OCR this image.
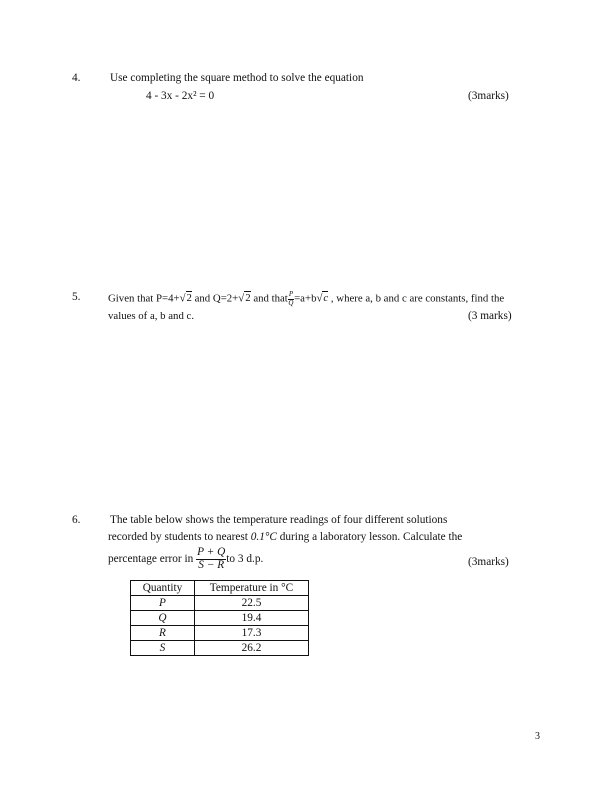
4.	Use completing the square method to solve the equation
4 - 3x - 2x² = 0	(3marks)
5.	Given that P=4+√2 and Q=2+√2 and that $\frac{P}{Q} =a+b√c$ , where a, b and c are constants, find the
values of a, b and c.	(3 marks)
6.	The table below shows the temperature readings of four different solutions
recorded by students to nearest 0.1°C during a laboratory lesson. Calculate the
percentage error in $\frac{P + Q}{S - R}$ to 3 d.p.	(3marks)
Quantity	Temperature in °C
P	22.5
Q	19.4
R	17.3
S	26.2
3
